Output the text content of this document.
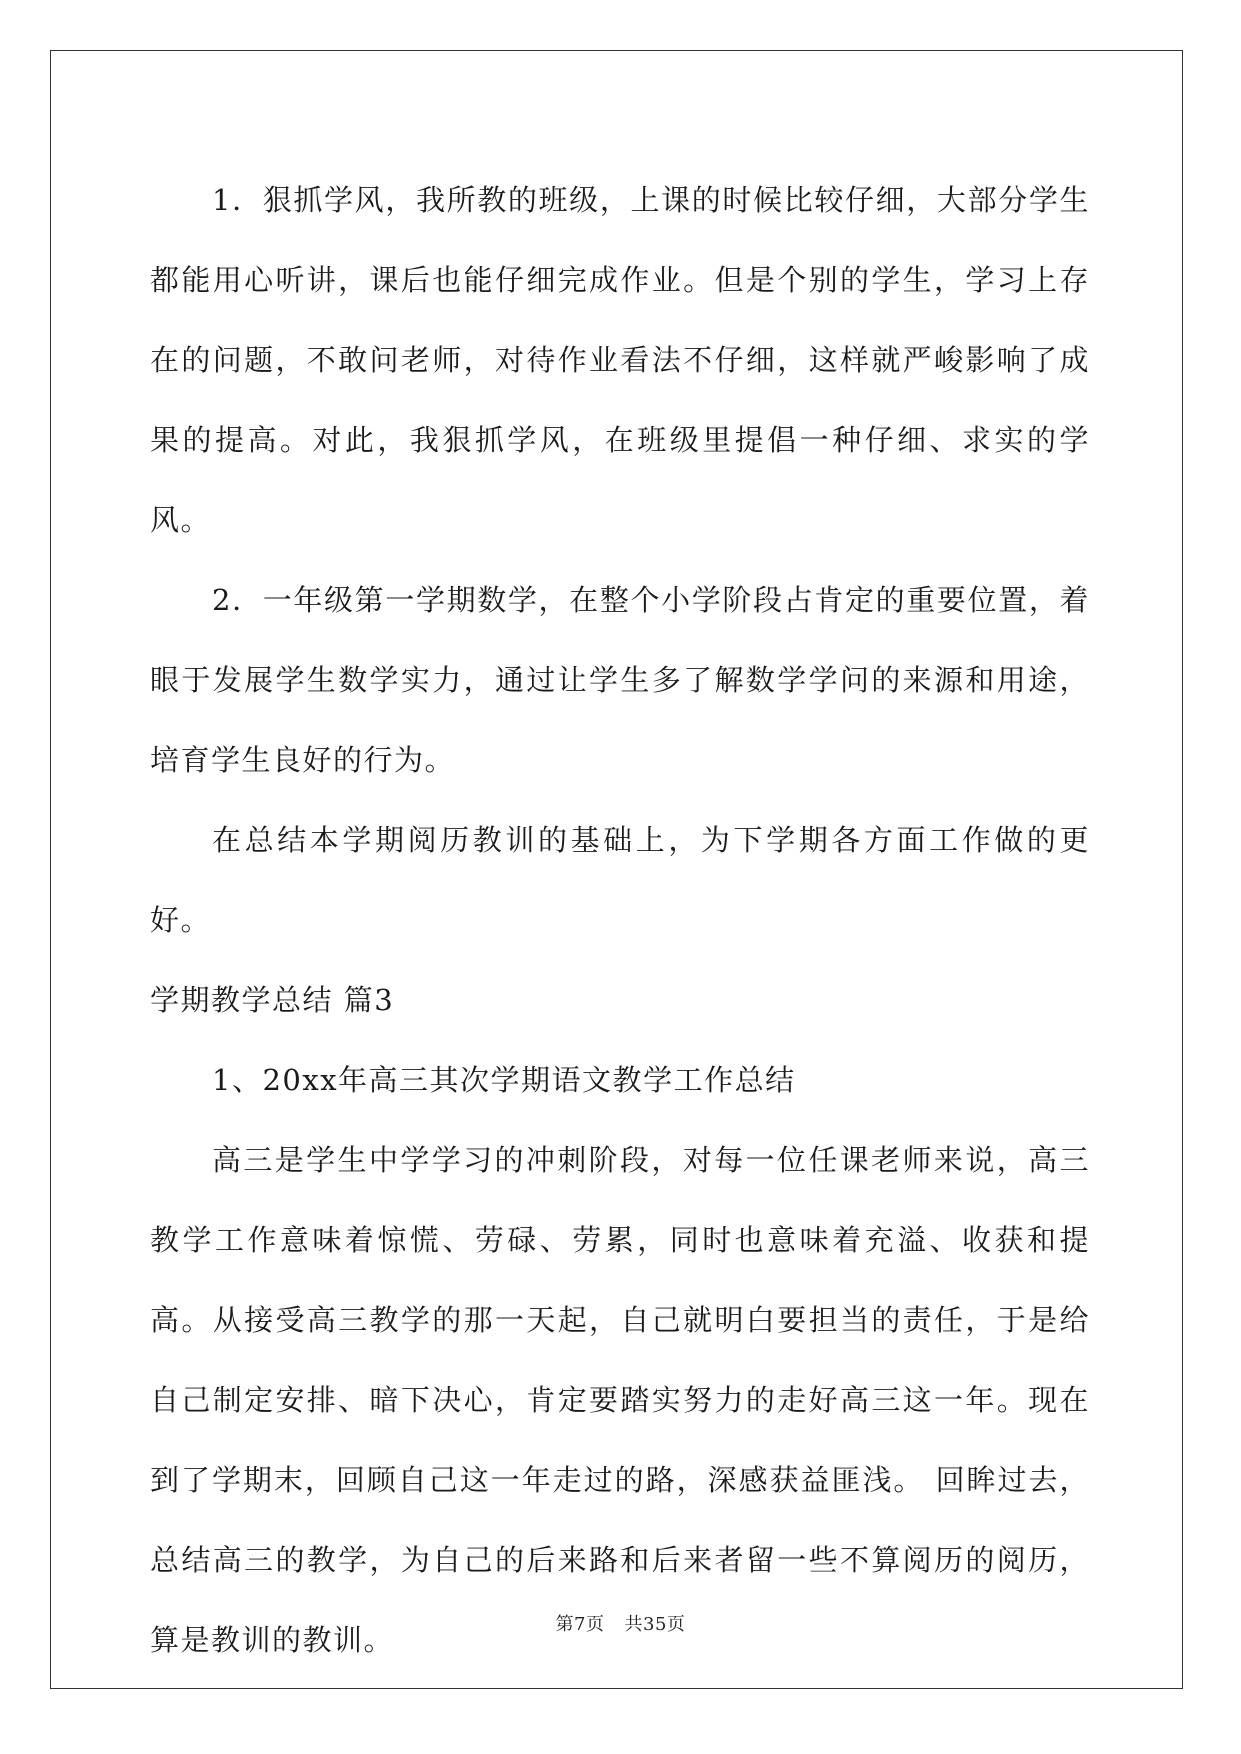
1．狠抓学风，我所教的班级，上课的时候比较仔细，大部分学生都能用心听讲，课后也能仔细完成作业。但是个别的学生，学习上存在的问题，不敢问老师，对待作业看法不仔细，这样就严峻影响了成果的提高。对此，我狠抓学风，在班级里提倡一种仔细、求实的学风。

2．一年级第一学期数学，在整个小学阶段占肯定的重要位置，着眼于发展学生数学实力，通过让学生多了解数学学问的来源和用途，培育学生良好的行为。

在总结本学期阅历教训的基础上，为下学期各方面工作做的更好。

学期教学总结 篇3

1、20xx年高三其次学期语文教学工作总结

高三是学生中学学习的冲刺阶段，对每一位任课老师来说，高三教学工作意味着惊慌、劳碌、劳累，同时也意味着充溢、收获和提高。从接受高三教学的那一天起，自己就明白要担当的责任，于是给自己制定安排、暗下决心，肯定要踏实努力的走好高三这一年。现在到了学期末，回顾自己这一年走过的路，深感获益匪浅。 回眸过去，总结高三的教学，为自己的后来路和后来者留一些不算阅历的阅历，算是教训的教训。	第7页 共35页
